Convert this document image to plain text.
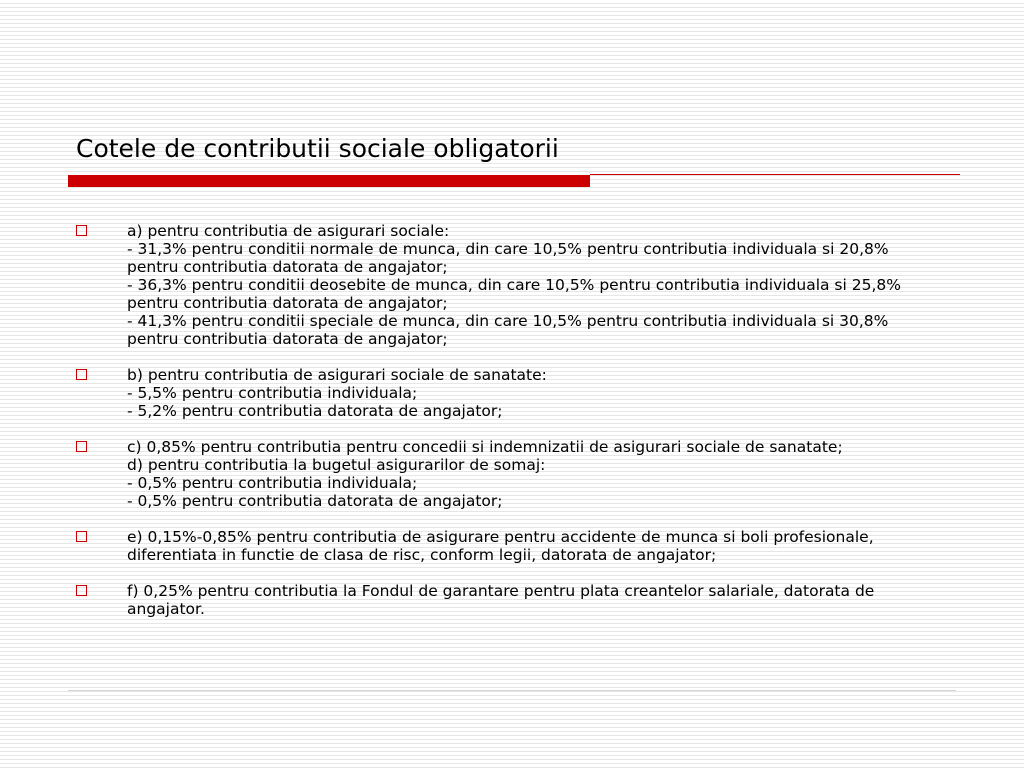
Cotele de contributii sociale obligatorii
a) pentru contributia de asigurari sociale:
- 31,3% pentru conditii normale de munca, din care 10,5% pentru contributia individuala si 20,8% pentru contributia datorata de angajator;
- 36,3% pentru conditii deosebite de munca, din care 10,5% pentru contributia individuala si 25,8% pentru contributia datorata de angajator;
- 41,3% pentru conditii speciale de munca, din care 10,5% pentru contributia individuala si 30,8% pentru contributia datorata de angajator;
b) pentru contributia de asigurari sociale de sanatate:
- 5,5% pentru contributia individuala;
- 5,2% pentru contributia datorata de angajator;
c) 0,85% pentru contributia pentru concedii si indemnizatii de asigurari sociale de sanatate;
d) pentru contributia la bugetul asigurarilor de somaj:
- 0,5% pentru contributia individuala;
- 0,5% pentru contributia datorata de angajator;
e) 0,15%-0,85% pentru contributia de asigurare pentru accidente de munca si boli profesionale, diferentiata in functie de clasa de risc, conform legii, datorata de angajator;
f) 0,25% pentru contributia la Fondul de garantare pentru plata creantelor salariale, datorata de angajator.
